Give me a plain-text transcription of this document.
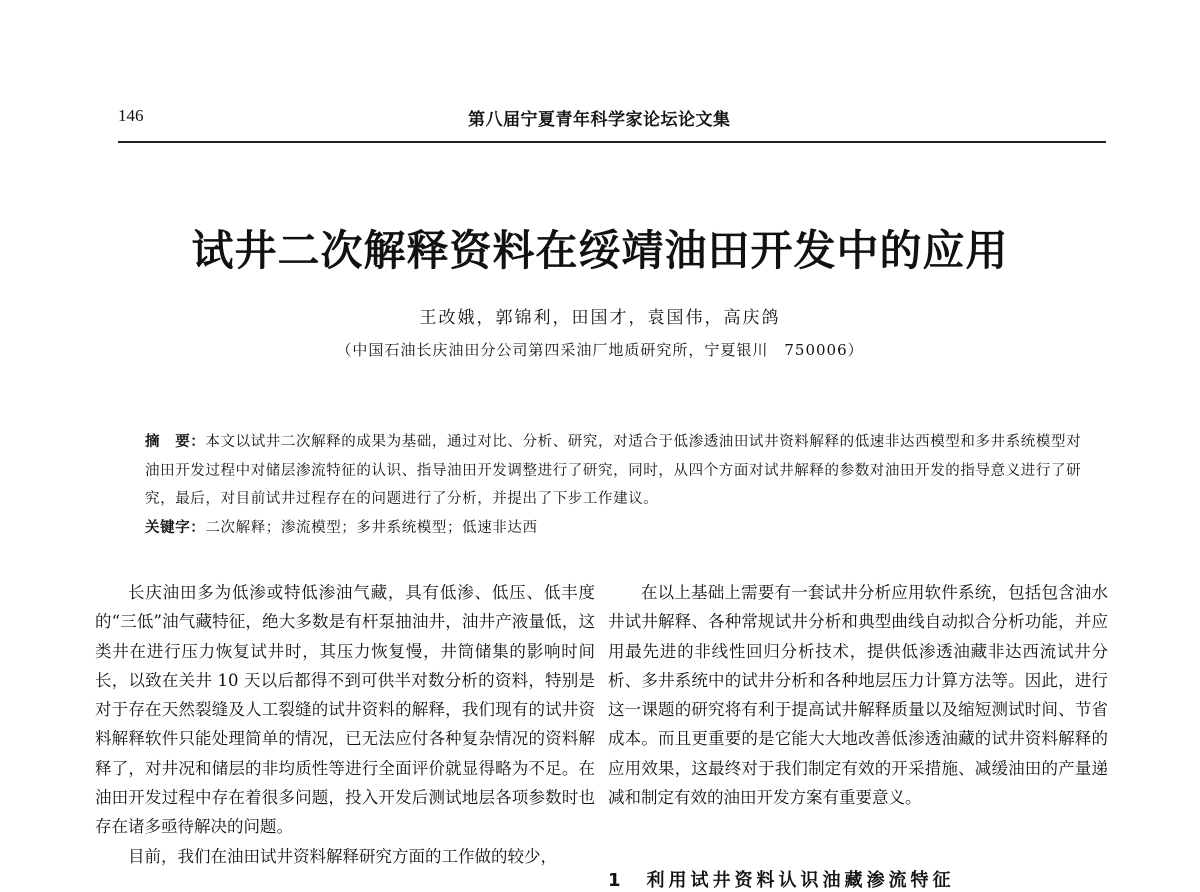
146	第八届宁夏青年科学家论坛论文集
试井二次解释资料在绥靖油田开发中的应用
王改娥，郭锦利，田国才，袁国伟，高庆鸽
（中国石油长庆油田分公司第四采油厂地质研究所，宁夏银川　750006）
摘　要：本文以试井二次解释的成果为基础，通过对比、分析、研究，对适合于低渗透油田试井资料解释的低速非达西模型和多井系统模型对油田开发过程中对储层渗流特征的认识、指导油田开发调整进行了研究，同时，从四个方面对试井解释的参数对油田开发的指导意义进行了研究，最后，对目前试井过程存在的问题进行了分析，并提出了下步工作建议。
关键字：二次解释；渗流模型；多井系统模型；低速非达西

长庆油田多为低渗或特低渗油气藏，具有低渗、低压、低丰度的“三低”油气藏特征，绝大多数是有杆泵抽油井，油井产液量低，这类井在进行压力恢复试井时，其压力恢复慢，井筒储集的影响时间长，以致在关井 10 天以后都得不到可供半对数分析的资料，特别是对于存在天然裂缝及人工裂缝的试井资料的解释，我们现有的试井资料解释软件只能处理简单的情况，已无法应付各种复杂情况的资料解释了，对井况和储层的非均质性等进行全面评价就显得略为不足。在油田开发过程中存在着很多问题，投入开发后测试地层各项参数时也存在诸多亟待解决的问题。

目前，我们在油田试井资料解释研究方面的工作做的较少，

在以上基础上需要有一套试井分析应用软件系统，包括包含油水井试井解释、各种常规试井分析和典型曲线自动拟合分析功能，并应用最先进的非线性回归分析技术，提供低渗透油藏非达西流试井分析、多井系统中的试井分析和各种地层压力计算方法等。因此，进行这一课题的研究将有利于提高试井解释质量以及缩短测试时间、节省成本。而且更重要的是它能大大地改善低渗透油藏的试井资料解释的应用效果，这最终对于我们制定有效的开采措施、减缓油田的产量递减和制定有效的油田开发方案有重要意义。

1　利用试井资料认识油藏渗流特征
